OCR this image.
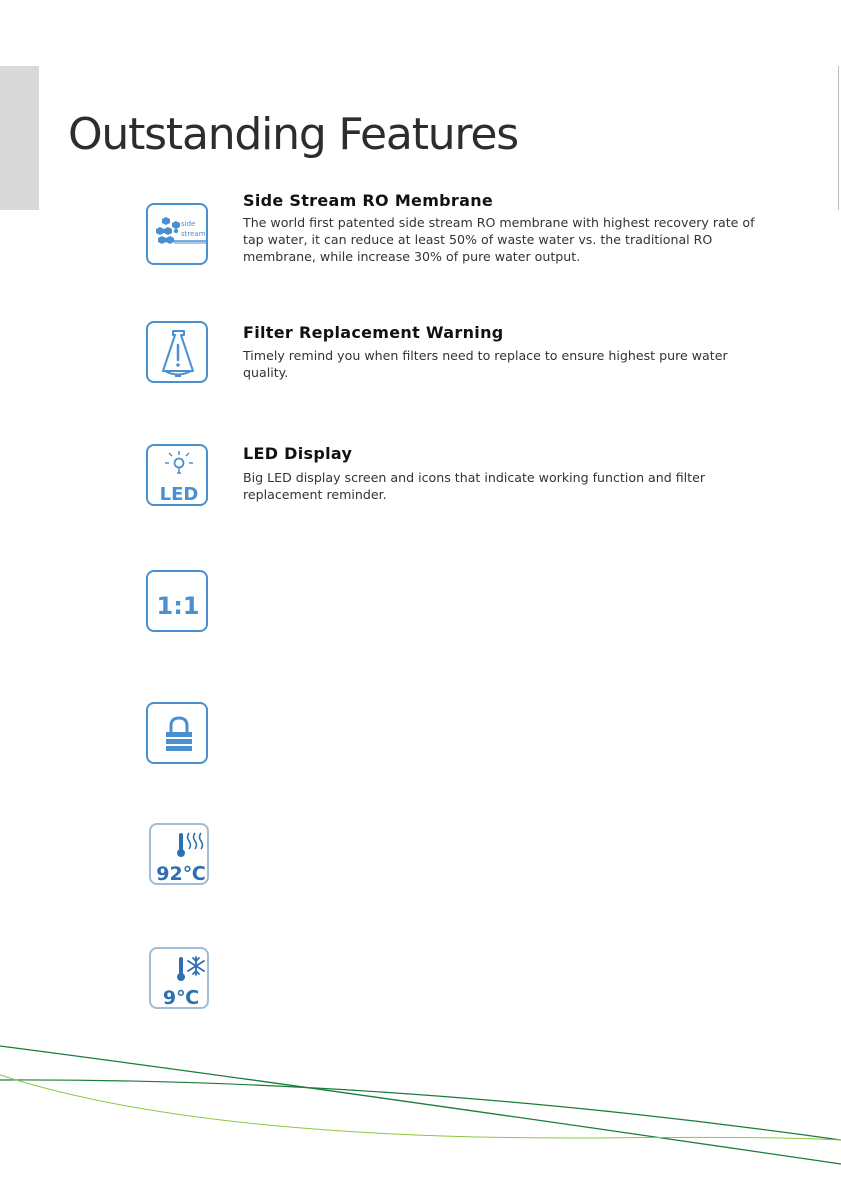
Outstanding Features
side
stream
Side Stream RO Membrane

The world first patented side stream RO membrane with highest recovery rate of tap water, it can reduce at least 50% of waste water vs. the traditional RO membrane, while increase 30% of pure water output.

Filter Replacement Warning

Timely remind you when filters need to replace to ensure highest pure water quality.

LED
LED Display

Big LED display screen and icons that indicate working function and filter replacement reminder.

1:1
92℃
9℃
